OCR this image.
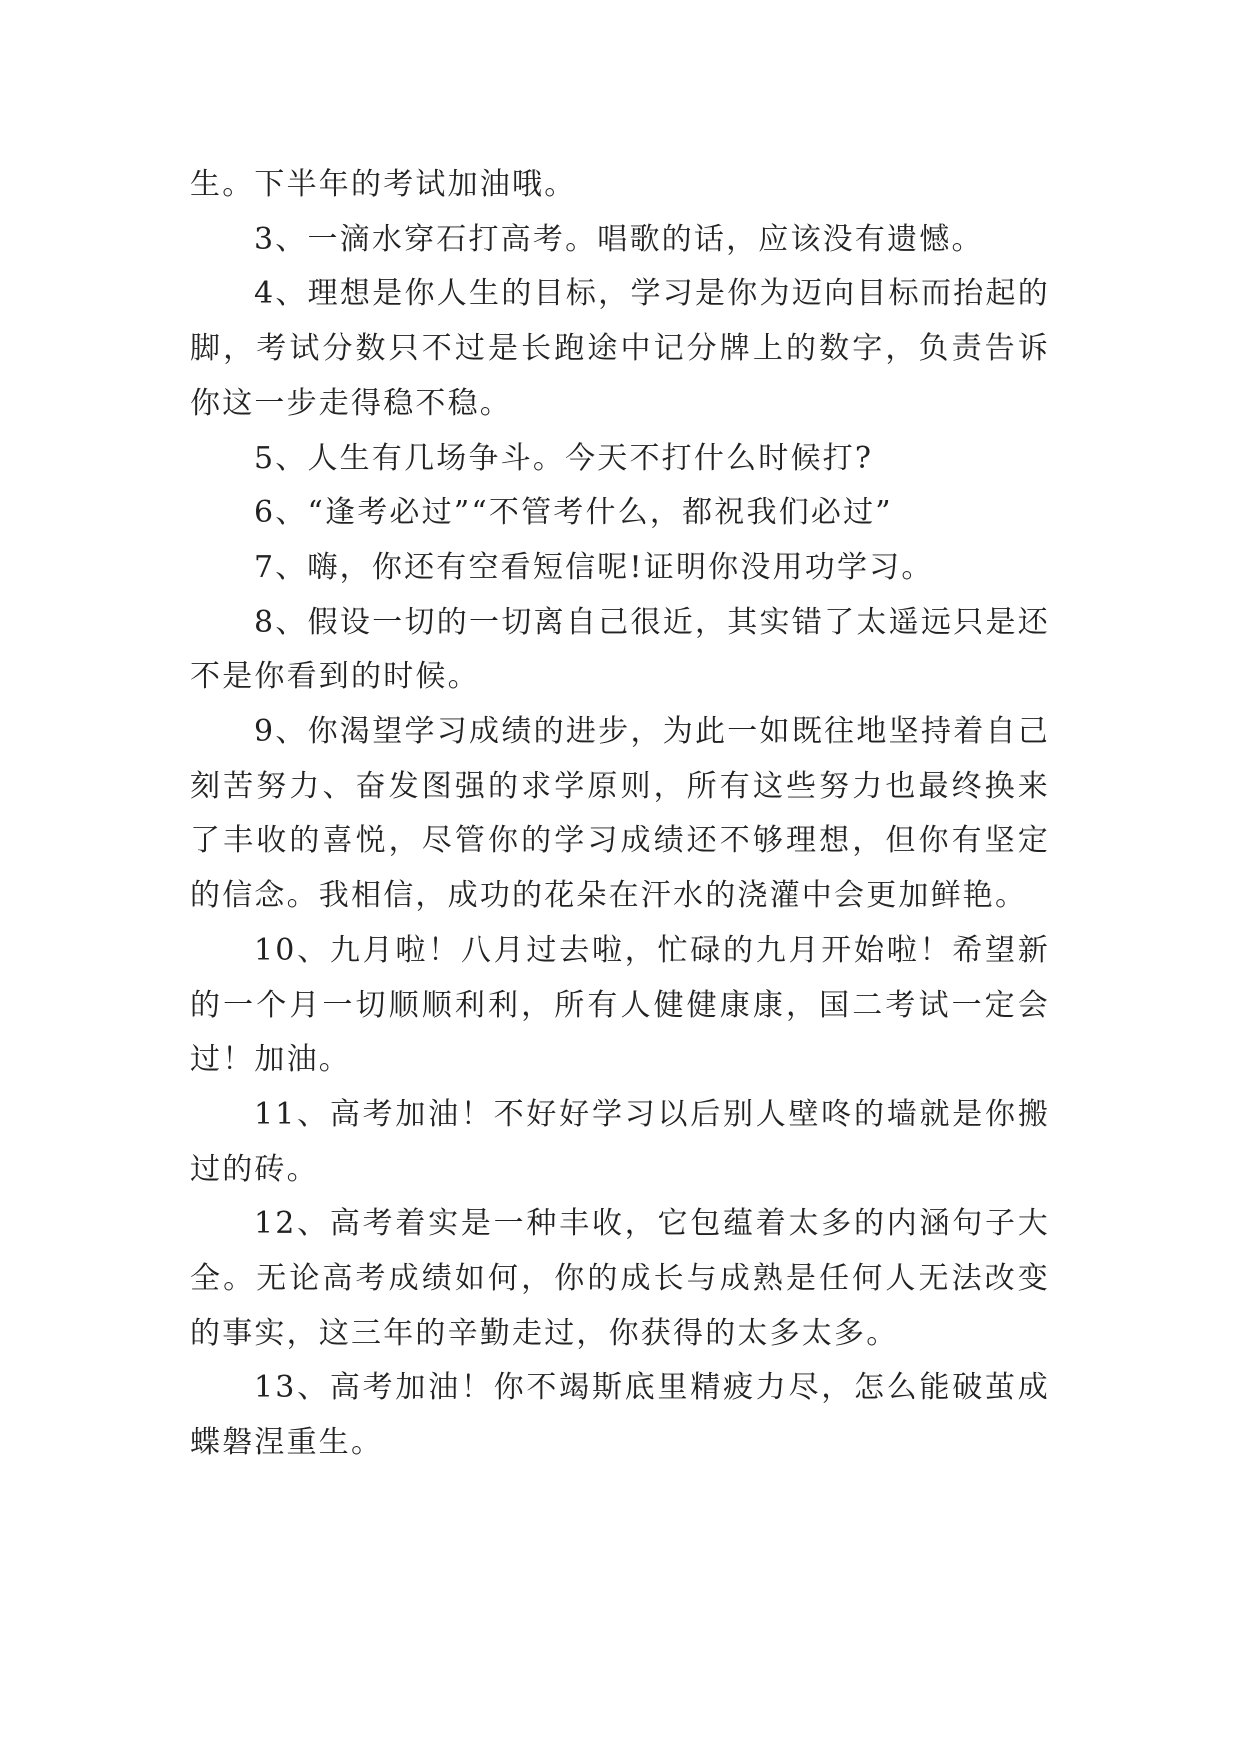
生。下半年的考试加油哦。

3、一滴水穿石打高考。唱歌的话，应该没有遗憾。

4、理想是你人生的目标，学习是你为迈向目标而抬起的脚，考试分数只不过是长跑途中记分牌上的数字，负责告诉你这一步走得稳不稳。

5、人生有几场争斗。今天不打什么时候打?

6、“逢考必过”“不管考什么，都祝我们必过”

7、嗨，你还有空看短信呢!证明你没用功学习。

8、假设一切的一切离自己很近，其实错了太遥远只是还不是你看到的时候。

9、你渴望学习成绩的进步，为此一如既往地坚持着自己刻苦努力、奋发图强的求学原则，所有这些努力也最终换来了丰收的喜悦，尽管你的学习成绩还不够理想，但你有坚定的信念。我相信，成功的花朵在汗水的浇灌中会更加鲜艳。

10、九月啦！八月过去啦，忙碌的九月开始啦！希望新的一个月一切顺顺利利，所有人健健康康，国二考试一定会过！加油。

11、高考加油！不好好学习以后别人壁咚的墙就是你搬过的砖。

12、高考着实是一种丰收，它包蕴着太多的内涵句子大全。无论高考成绩如何，你的成长与成熟是任何人无法改变的事实，这三年的辛勤走过，你获得的太多太多。

13、高考加油！你不竭斯底里精疲力尽，怎么能破茧成蝶磐涅重生。
